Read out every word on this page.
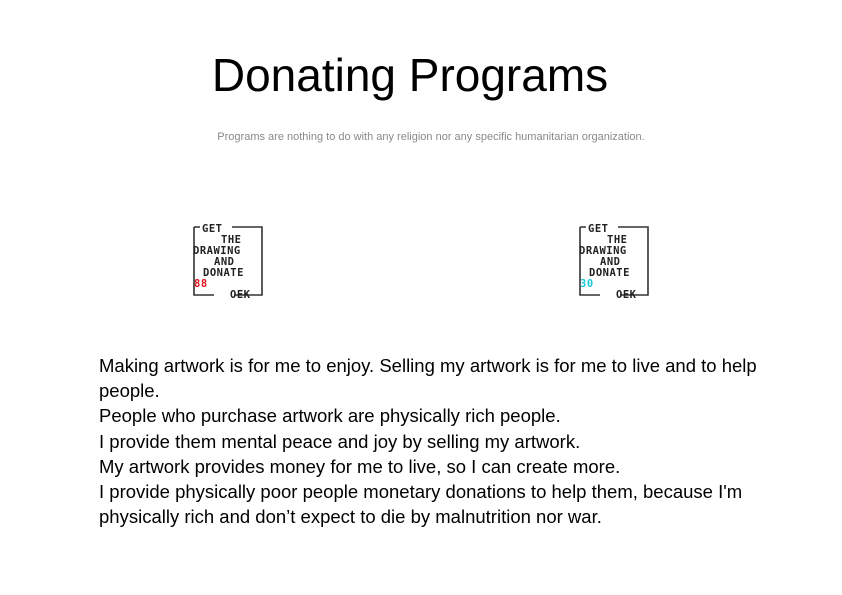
Donating Programs

Programs are nothing to do with any religion nor any specific humanitarian organization.

GET
THE
DRAWING
AND
DONATE
88
OEK
GET
THE
DRAWING
AND
DONATE
30
OEK

Making artwork is for me to enjoy. Selling my artwork is for me to live and to help people.

People who purchase artwork are physically rich people.

I provide them mental peace and joy by selling my artwork.

My artwork provides money for me to live, so I can create more.

I provide physically poor people monetary donations to help them, because I'm physically rich and don’t expect to die by malnutrition nor war.
